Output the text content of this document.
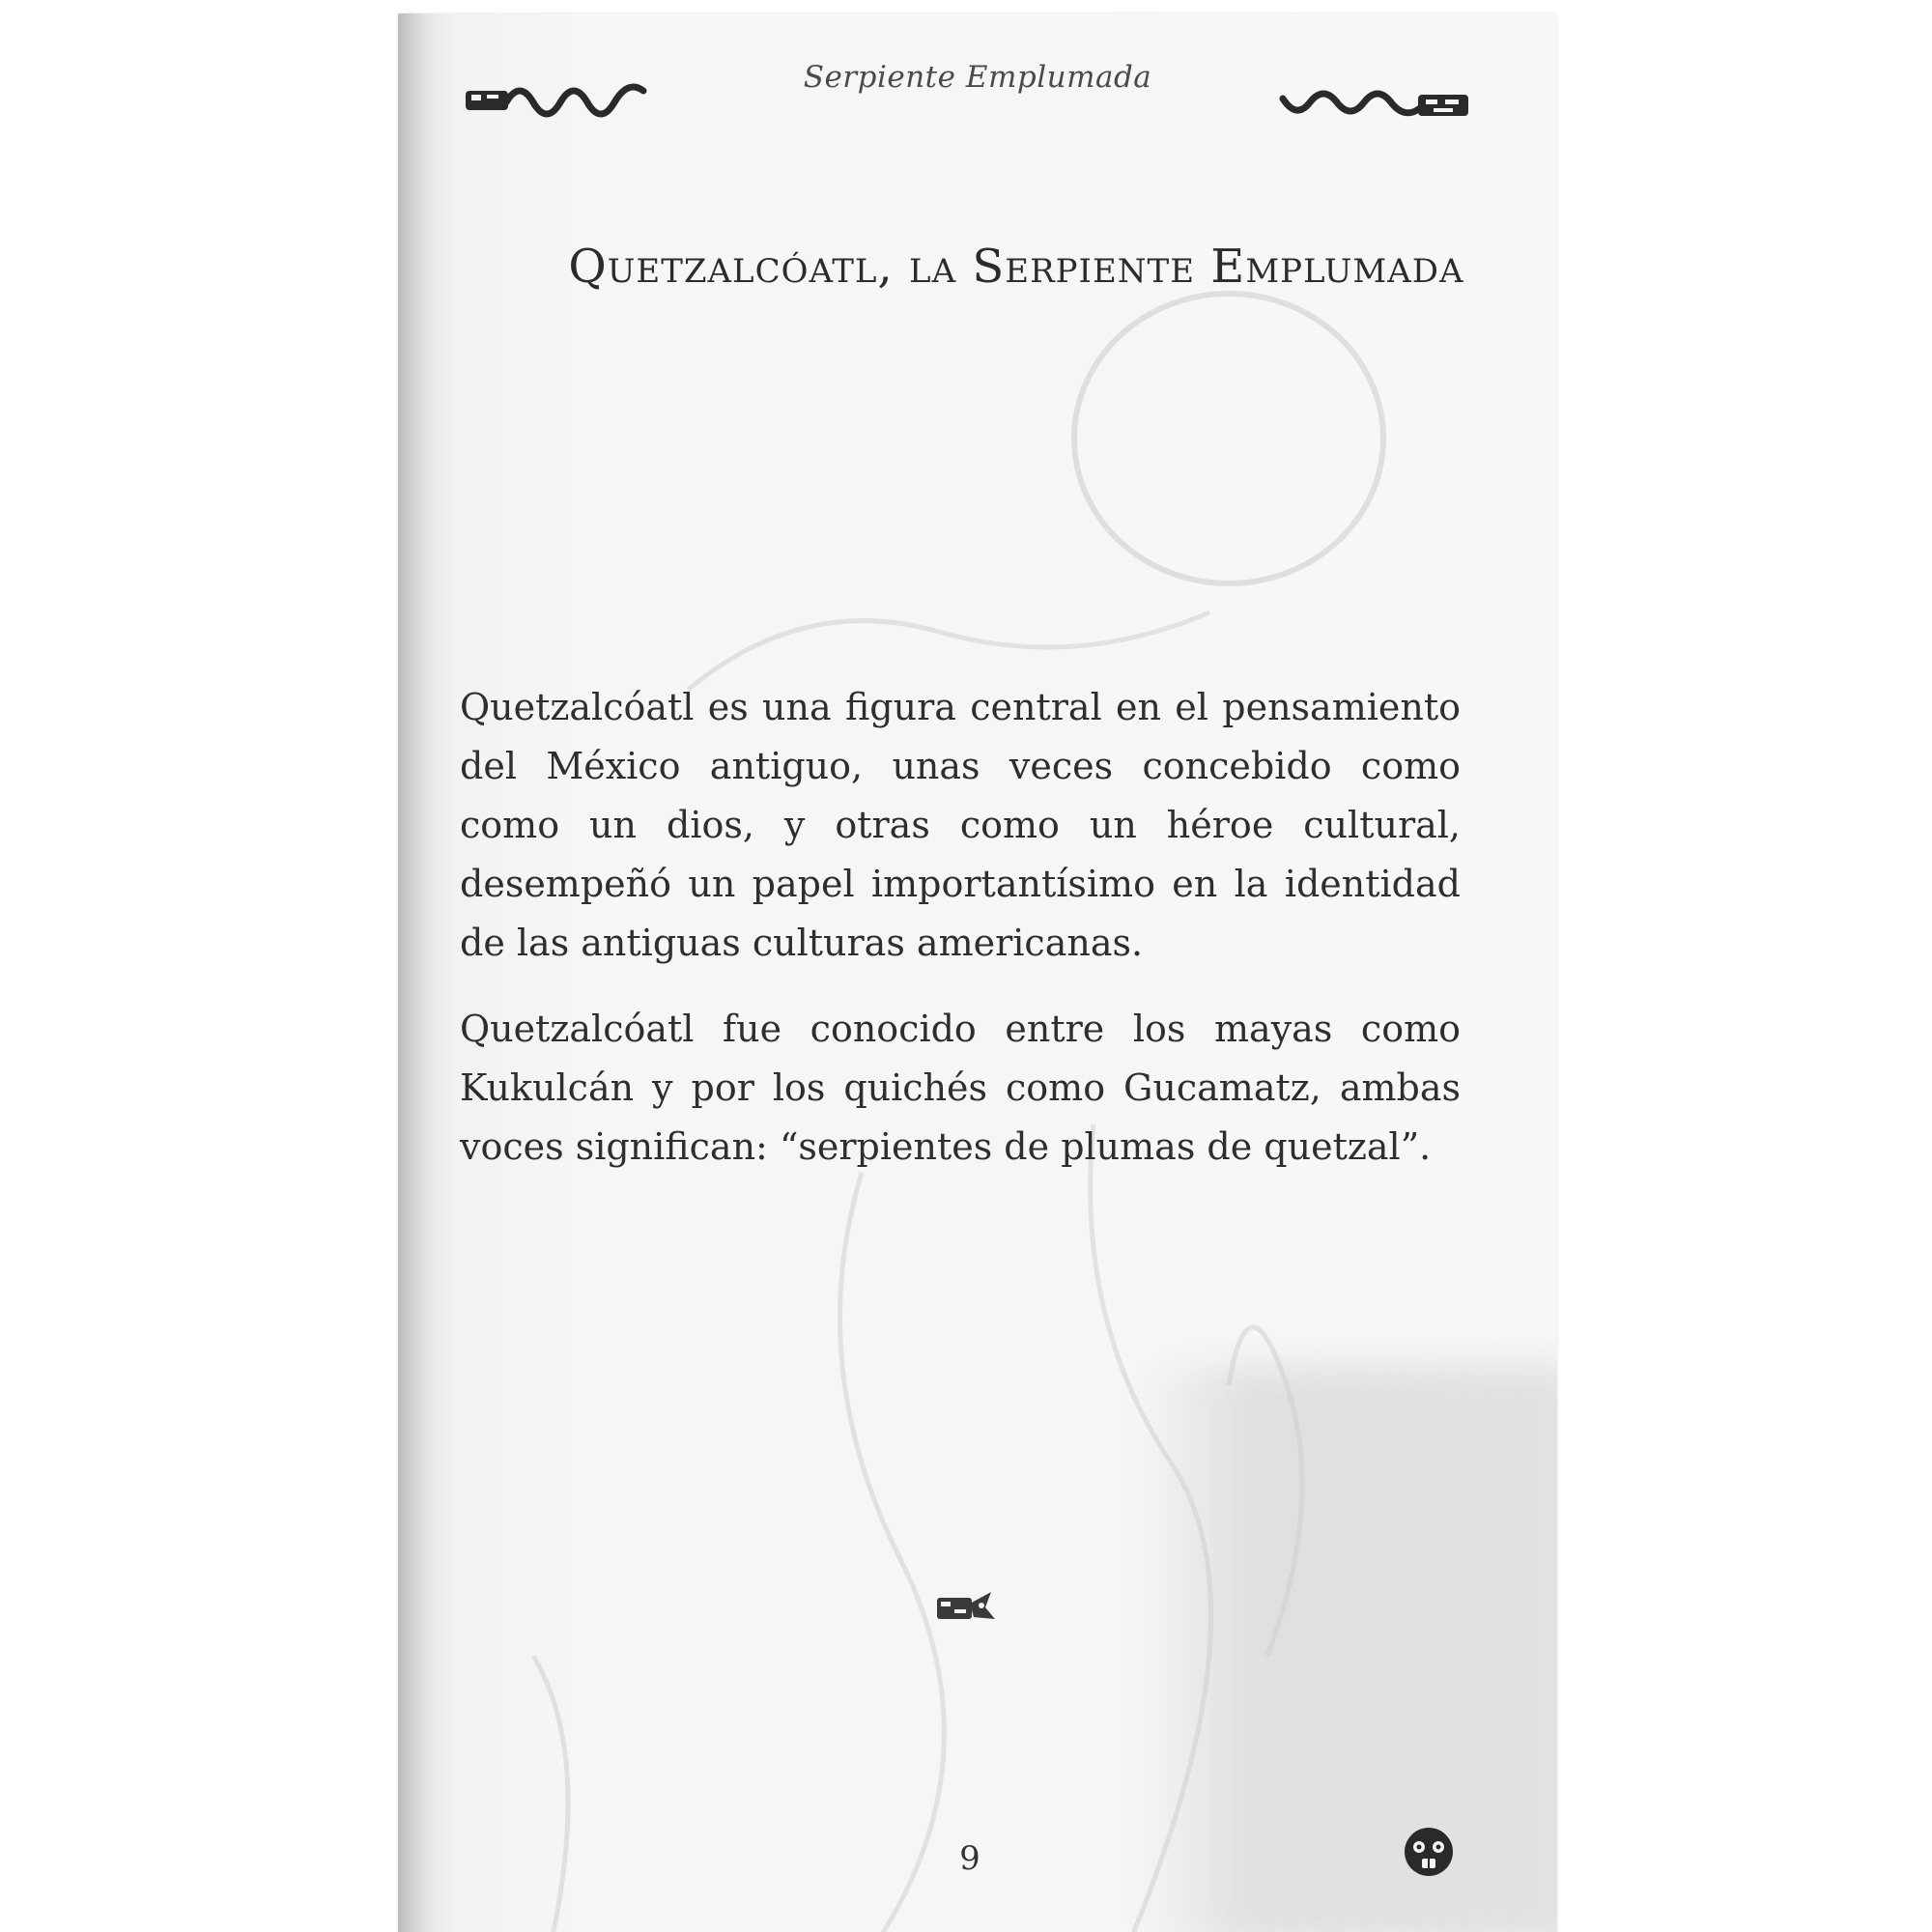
Serpiente Emplumada
Quetzalcóatl, la Serpiente Emplumada

Quetzalcóatl es una figura central en el pensamiento del México antiguo, unas veces concebido como como un dios, y otras como un héroe cultural, desempeñó un papel importantísimo en la identidad de las antiguas culturas americanas.

Quetzalcóatl fue conocido entre los mayas como Kukulcán y por los quichés como Gucamatz, ambas voces significan: “serpientes de plumas de quetzal”.

9
